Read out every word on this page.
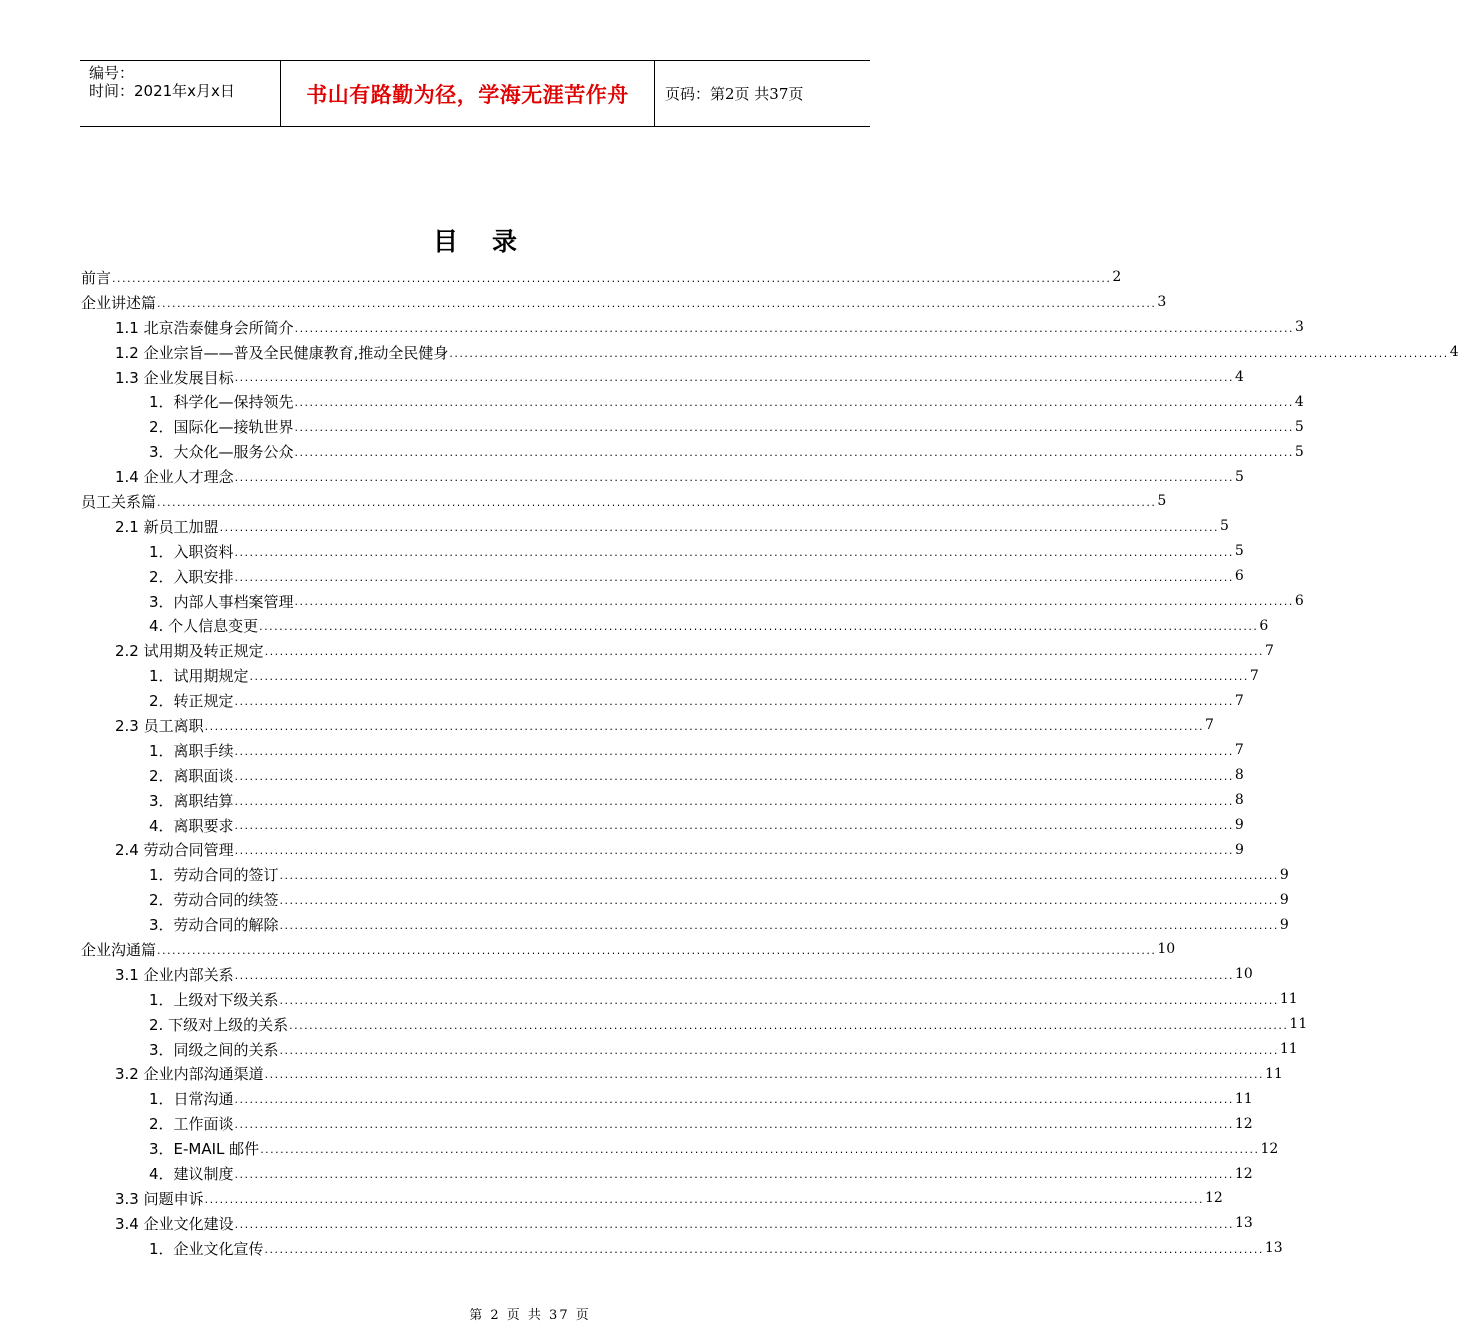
编号：
时间：2021年x月x日	书山有路勤为径，学海无涯苦作舟	页码：第2页 共37页
目录
前言 ........................................................................................................................................................................................................ 2
企业讲述篇 ........................................................................................................................................................................................................ 3
1.1 北京浩泰健身会所简介 ........................................................................................................................................................................................................ 3
1.2 企业宗旨——普及全民健康教育,推动全民健身 ........................................................................................................................................................................................................ 4
1.3 企业发展目标 ........................................................................................................................................................................................................ 4
1．科学化—保持领先 ........................................................................................................................................................................................................ 4
2．国际化—接轨世界 ........................................................................................................................................................................................................ 5
3．大众化—服务公众 ........................................................................................................................................................................................................ 5
1.4 企业人才理念 ........................................................................................................................................................................................................ 5
员工关系篇 ........................................................................................................................................................................................................ 5
2.1 新员工加盟 ........................................................................................................................................................................................................ 5
1．入职资料 ........................................................................................................................................................................................................ 5
2．入职安排 ........................................................................................................................................................................................................ 6
3．内部人事档案管理 ........................................................................................................................................................................................................ 6
4. 个人信息变更 ........................................................................................................................................................................................................ 6
2.2 试用期及转正规定 ........................................................................................................................................................................................................ 7
1．试用期规定 ........................................................................................................................................................................................................ 7
2．转正规定 ........................................................................................................................................................................................................ 7
2.3 员工离职 ........................................................................................................................................................................................................ 7
1．离职手续 ........................................................................................................................................................................................................ 7
2．离职面谈 ........................................................................................................................................................................................................ 8
3．离职结算 ........................................................................................................................................................................................................ 8
4．离职要求 ........................................................................................................................................................................................................ 9
2.4 劳动合同管理 ........................................................................................................................................................................................................ 9
1．劳动合同的签订 ........................................................................................................................................................................................................ 9
2．劳动合同的续签 ........................................................................................................................................................................................................ 9
3．劳动合同的解除 ........................................................................................................................................................................................................ 9
企业沟通篇 ........................................................................................................................................................................................................ 10
3.1 企业内部关系 ........................................................................................................................................................................................................ 10
1．上级对下级关系 ........................................................................................................................................................................................................ 11
2. 下级对上级的关系 ........................................................................................................................................................................................................ 11
3．同级之间的关系 ........................................................................................................................................................................................................ 11
3.2 企业内部沟通渠道 ........................................................................................................................................................................................................ 11
1．日常沟通 ........................................................................................................................................................................................................ 11
2．工作面谈 ........................................................................................................................................................................................................ 12
3．E-MAIL 邮件 ........................................................................................................................................................................................................ 12
4．建议制度 ........................................................................................................................................................................................................ 12
3.3 问题申诉 ........................................................................................................................................................................................................ 12
3.4 企业文化建设 ........................................................................................................................................................................................................ 13
1．企业文化宣传 ........................................................................................................................................................................................................ 13
第 2 页 共 37 页
